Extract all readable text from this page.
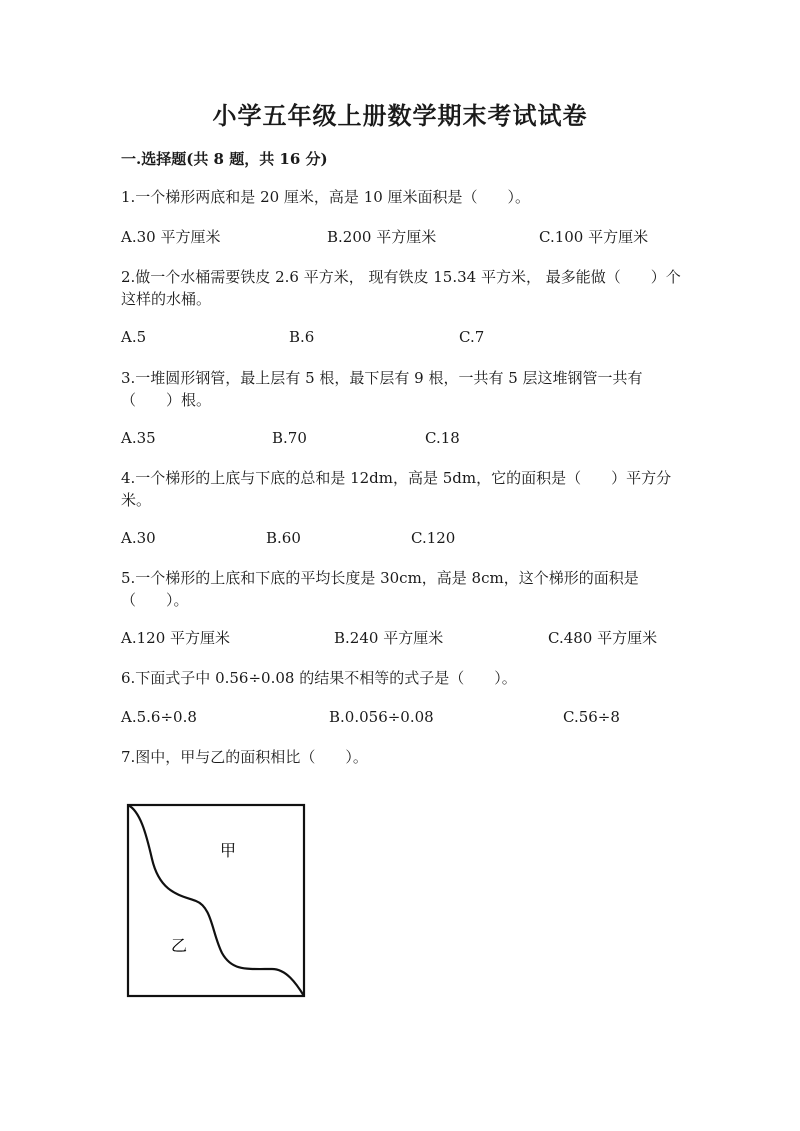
小学五年级上册数学期末考试试卷
一.选择题(共 8 题，共 16 分)
1.一个梯形两底和是 20 厘米，高是 10 厘米面积是（　　）。
A.30 平方厘米	B.200 平方厘米	C.100 平方厘米
2.做一个水桶需要铁皮 2.6 平方米， 现有铁皮 15.34 平方米， 最多能做（　　）个这样的水桶。
A.5	B.6	C.7
3.一堆圆形钢管，最上层有 5 根，最下层有 9 根，一共有 5 层这堆钢管一共有（　　）根。
A.35	B.70	C.18
4.一个梯形的上底与下底的总和是 12dm，高是 5dm，它的面积是（　　）平方分米。
A.30	B.60	C.120
5.一个梯形的上底和下底的平均长度是 30cm，高是 8cm，这个梯形的面积是（　　）。
A.120 平方厘米	B.240 平方厘米	C.480 平方厘米
6.下面式子中 0.56÷0.08 的结果不相等的式子是（　　）。
A.5.6÷0.8	B.0.056÷0.08	C.56÷8
7.图中，甲与乙的面积相比（　　）。
甲
乙
